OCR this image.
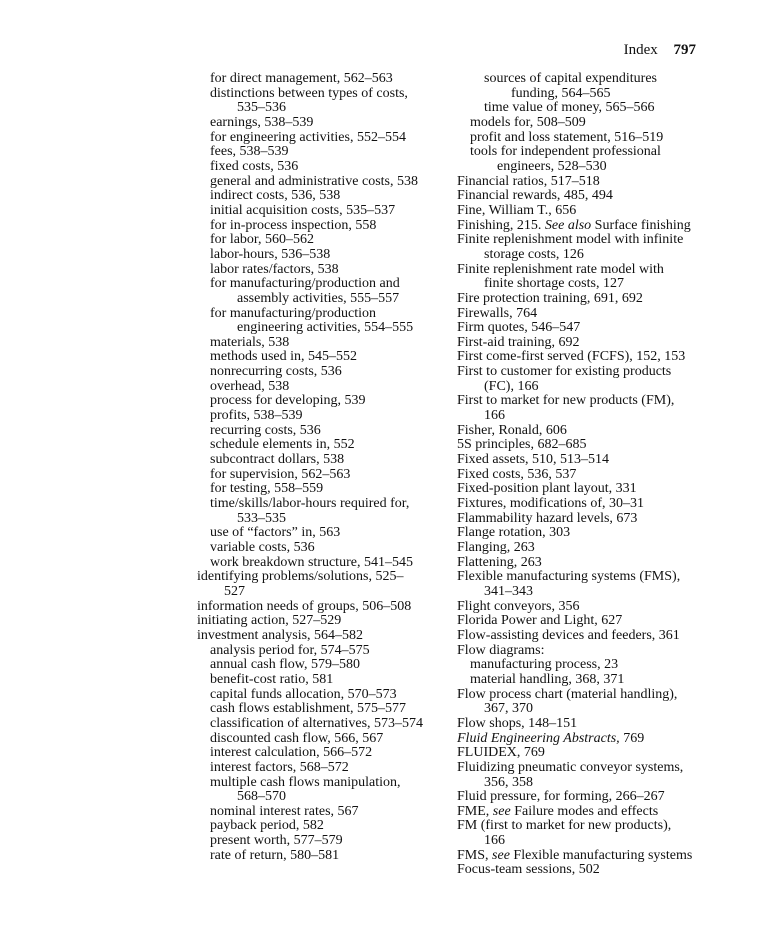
Index 797
for direct management, 562–563
distinctions between types of costs,
535–536
earnings, 538–539
for engineering activities, 552–554
fees, 538–539
fixed costs, 536
general and administrative costs, 538
indirect costs, 536, 538
initial acquisition costs, 535–537
for in-process inspection, 558
for labor, 560–562
labor-hours, 536–538
labor rates/factors, 538
for manufacturing/production and
assembly activities, 555–557
for manufacturing/production
engineering activities, 554–555
materials, 538
methods used in, 545–552
nonrecurring costs, 536
overhead, 538
process for developing, 539
profits, 538–539
recurring costs, 536
schedule elements in, 552
subcontract dollars, 538
for supervision, 562–563
for testing, 558–559
time/skills/labor-hours required for,
533–535
use of “factors” in, 563
variable costs, 536
work breakdown structure, 541–545
identifying problems/solutions, 525–
527
information needs of groups, 506–508
initiating action, 527–529
investment analysis, 564–582
analysis period for, 574–575
annual cash flow, 579–580
benefit-cost ratio, 581
capital funds allocation, 570–573
cash flows establishment, 575–577
classification of alternatives, 573–574
discounted cash flow, 566, 567
interest calculation, 566–572
interest factors, 568–572
multiple cash flows manipulation,
568–570
nominal interest rates, 567
payback period, 582
present worth, 577–579
rate of return, 580–581
sources of capital expenditures
funding, 564–565
time value of money, 565–566
models for, 508–509
profit and loss statement, 516–519
tools for independent professional
engineers, 528–530
Financial ratios, 517–518
Financial rewards, 485, 494
Fine, William T., 656
Finishing, 215. See also Surface finishing
Finite replenishment model with infinite
storage costs, 126
Finite replenishment rate model with
finite shortage costs, 127
Fire protection training, 691, 692
Firewalls, 764
Firm quotes, 546–547
First-aid training, 692
First come-first served (FCFS), 152, 153
First to customer for existing products
(FC), 166
First to market for new products (FM),
166
Fisher, Ronald, 606
5S principles, 682–685
Fixed assets, 510, 513–514
Fixed costs, 536, 537
Fixed-position plant layout, 331
Fixtures, modifications of, 30–31
Flammability hazard levels, 673
Flange rotation, 303
Flanging, 263
Flattening, 263
Flexible manufacturing systems (FMS),
341–343
Flight conveyors, 356
Florida Power and Light, 627
Flow-assisting devices and feeders, 361
Flow diagrams:
manufacturing process, 23
material handling, 368, 371
Flow process chart (material handling),
367, 370
Flow shops, 148–151
Fluid Engineering Abstracts, 769
FLUIDEX, 769
Fluidizing pneumatic conveyor systems,
356, 358
Fluid pressure, for forming, 266–267
FME, see Failure modes and effects
FM (first to market for new products),
166
FMS, see Flexible manufacturing systems
Focus-team sessions, 502
